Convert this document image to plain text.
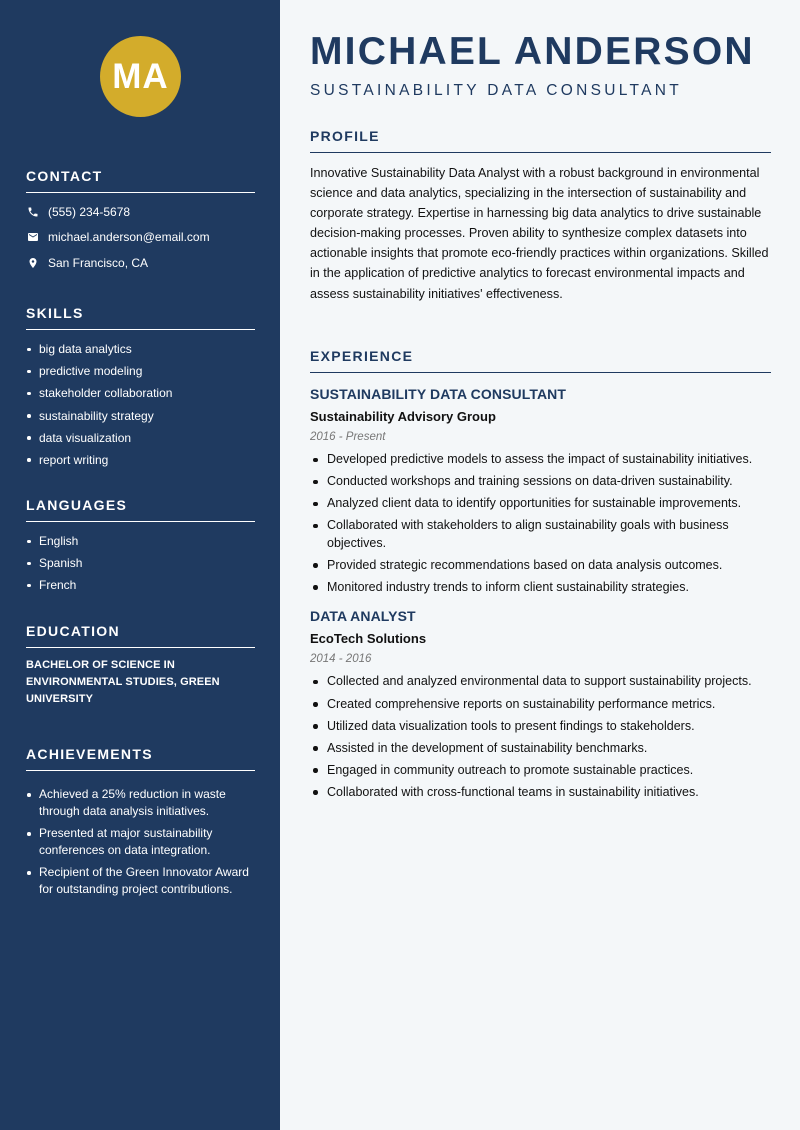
MA
CONTACT
(555) 234-5678
michael.anderson@email.com
San Francisco, CA
SKILLS
big data analytics
predictive modeling
stakeholder collaboration
sustainability strategy
data visualization
report writing
LANGUAGES
English
Spanish
French
EDUCATION
BACHELOR OF SCIENCE IN ENVIRONMENTAL STUDIES, GREEN UNIVERSITY
ACHIEVEMENTS
Achieved a 25% reduction in waste through data analysis initiatives.
Presented at major sustainability conferences on data integration.
Recipient of the Green Innovator Award for outstanding project contributions.
MICHAEL ANDERSON
SUSTAINABILITY DATA CONSULTANT
PROFILE
Innovative Sustainability Data Analyst with a robust background in environmental science and data analytics, specializing in the intersection of sustainability and corporate strategy. Expertise in harnessing big data analytics to drive sustainable decision-making processes. Proven ability to synthesize complex datasets into actionable insights that promote eco-friendly practices within organizations. Skilled in the application of predictive analytics to forecast environmental impacts and assess sustainability initiatives' effectiveness.
EXPERIENCE
SUSTAINABILITY DATA CONSULTANT
Sustainability Advisory Group
2016 - Present
Developed predictive models to assess the impact of sustainability initiatives.
Conducted workshops and training sessions on data-driven sustainability.
Analyzed client data to identify opportunities for sustainable improvements.
Collaborated with stakeholders to align sustainability goals with business objectives.
Provided strategic recommendations based on data analysis outcomes.
Monitored industry trends to inform client sustainability strategies.
DATA ANALYST
EcoTech Solutions
2014 - 2016
Collected and analyzed environmental data to support sustainability projects.
Created comprehensive reports on sustainability performance metrics.
Utilized data visualization tools to present findings to stakeholders.
Assisted in the development of sustainability benchmarks.
Engaged in community outreach to promote sustainable practices.
Collaborated with cross-functional teams in sustainability initiatives.
